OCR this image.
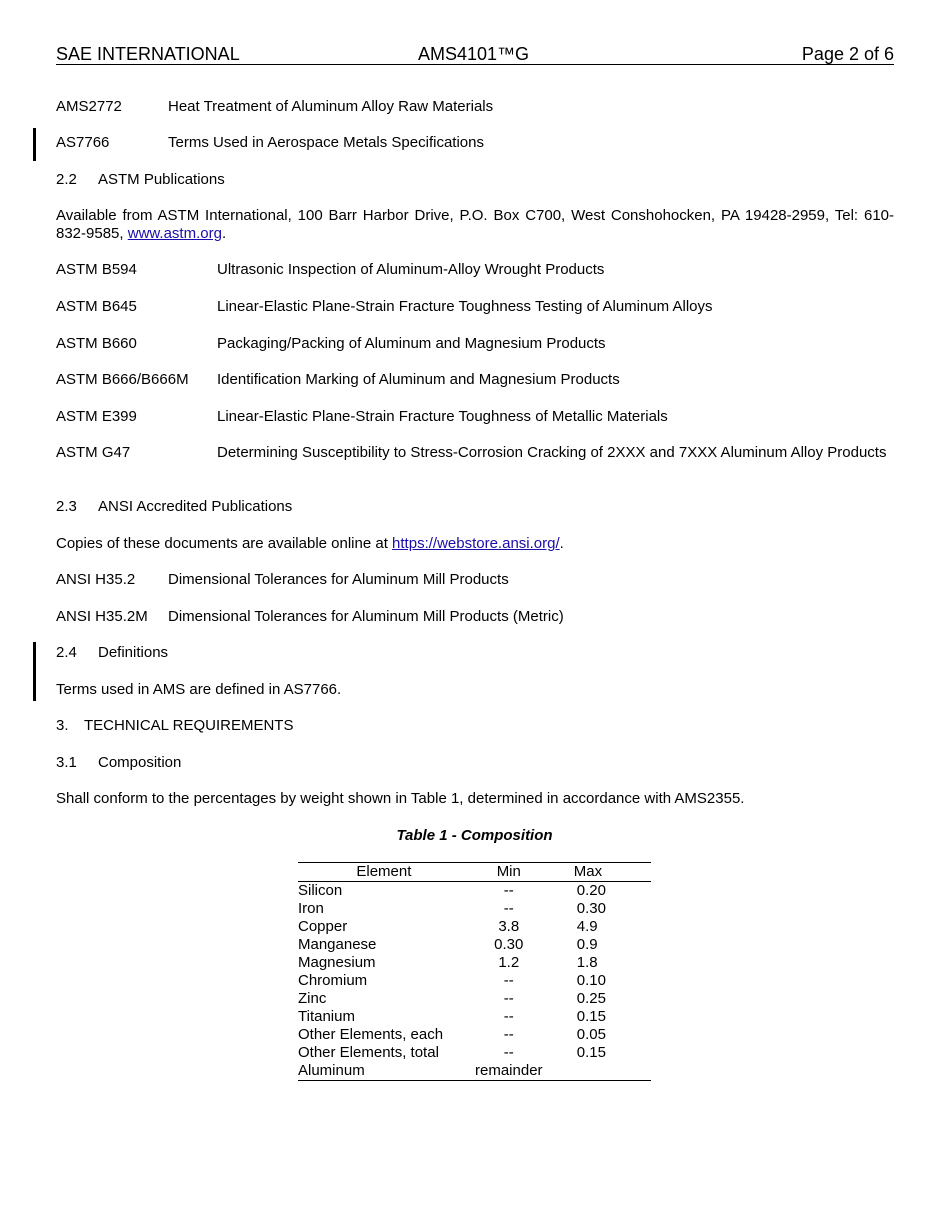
SAE INTERNATIONAL	AMS4101™G	Page 2 of 6
AMS2772	Heat Treatment of Aluminum Alloy Raw Materials
AS7766	Terms Used in Aerospace Metals Specifications
2.2 ASTM Publications
Available from ASTM International, 100 Barr Harbor Drive, P.O. Box C700, West Conshohocken, PA 19428-2959, Tel: 610-832-9585, www.astm.org.
ASTM B594	Ultrasonic Inspection of Aluminum-Alloy Wrought Products
ASTM B645	Linear-Elastic Plane-Strain Fracture Toughness Testing of Aluminum Alloys
ASTM B660	Packaging/Packing of Aluminum and Magnesium Products
ASTM B666/B666M Identification Marking of Aluminum and Magnesium Products
ASTM E399	Linear-Elastic Plane-Strain Fracture Toughness of Metallic Materials
ASTM G47	Determining Susceptibility to Stress-Corrosion Cracking of 2XXX and 7XXX Aluminum Alloy Products
2.3 ANSI Accredited Publications
Copies of these documents are available online at https://webstore.ansi.org/.
ANSI H35.2 Dimensional Tolerances for Aluminum Mill Products
ANSI H35.2M Dimensional Tolerances for Aluminum Mill Products (Metric)
2.4 Definitions
Terms used in AMS are defined in AS7766.
3. TECHNICAL REQUIREMENTS
3.1 Composition
Shall conform to the percentages by weight shown in Table 1, determined in accordance with AMS2355.
Table 1 - Composition
Element	Min	Max
Silicon	--	0.20
Iron	--	0.30
Copper	3.8	4.9
Manganese	0.30	0.9
Magnesium	1.2	1.8
Chromium	--	0.10
Zinc	--	0.25
Titanium	--	0.15
Other Elements, each	--	0.05
Other Elements, total	--	0.15
Aluminum	remainder	
